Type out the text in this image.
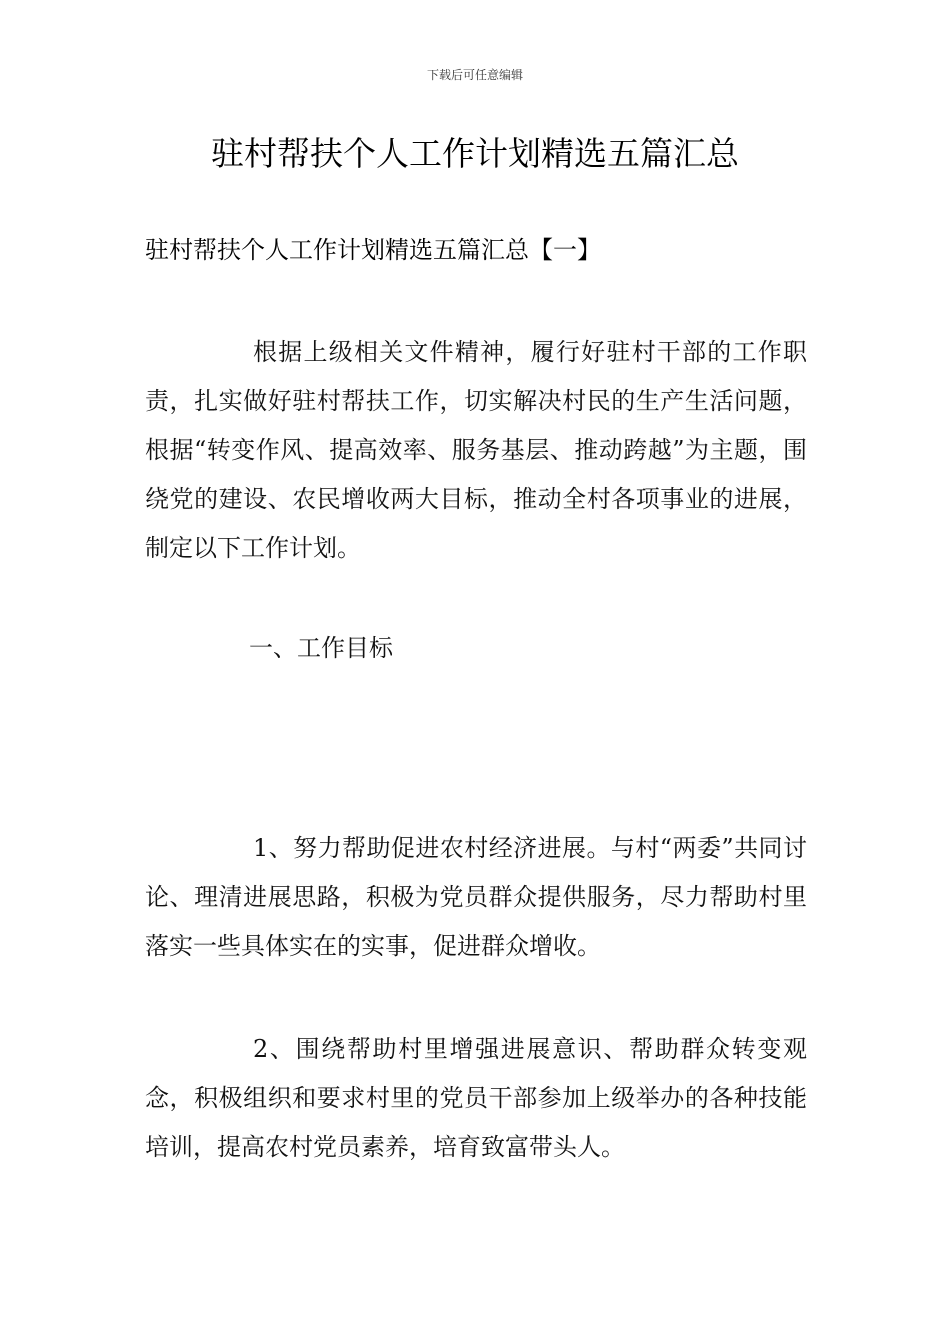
下载后可任意编辑
驻村帮扶个人工作计划精选五篇汇总
驻村帮扶个人工作计划精选五篇汇总【一】

根据上级相关文件精神，履行好驻村干部的工作职责，扎实做好驻村帮扶工作，切实解决村民的生产生活问题，根据“转变作风、提高效率、服务基层、推动跨越”为主题，围绕党的建设、农民增收两大目标，推动全村各项事业的进展，制定以下工作计划。

一、工作目标

1、努力帮助促进农村经济进展。与村“两委”共同讨论、理清进展思路，积极为党员群众提供服务，尽力帮助村里落实一些具体实在的实事，促进群众增收。

2、围绕帮助村里增强进展意识、帮助群众转变观念，积极组织和要求村里的党员干部参加上级举办的各种技能培训，提高农村党员素养，培育致富带头人。
